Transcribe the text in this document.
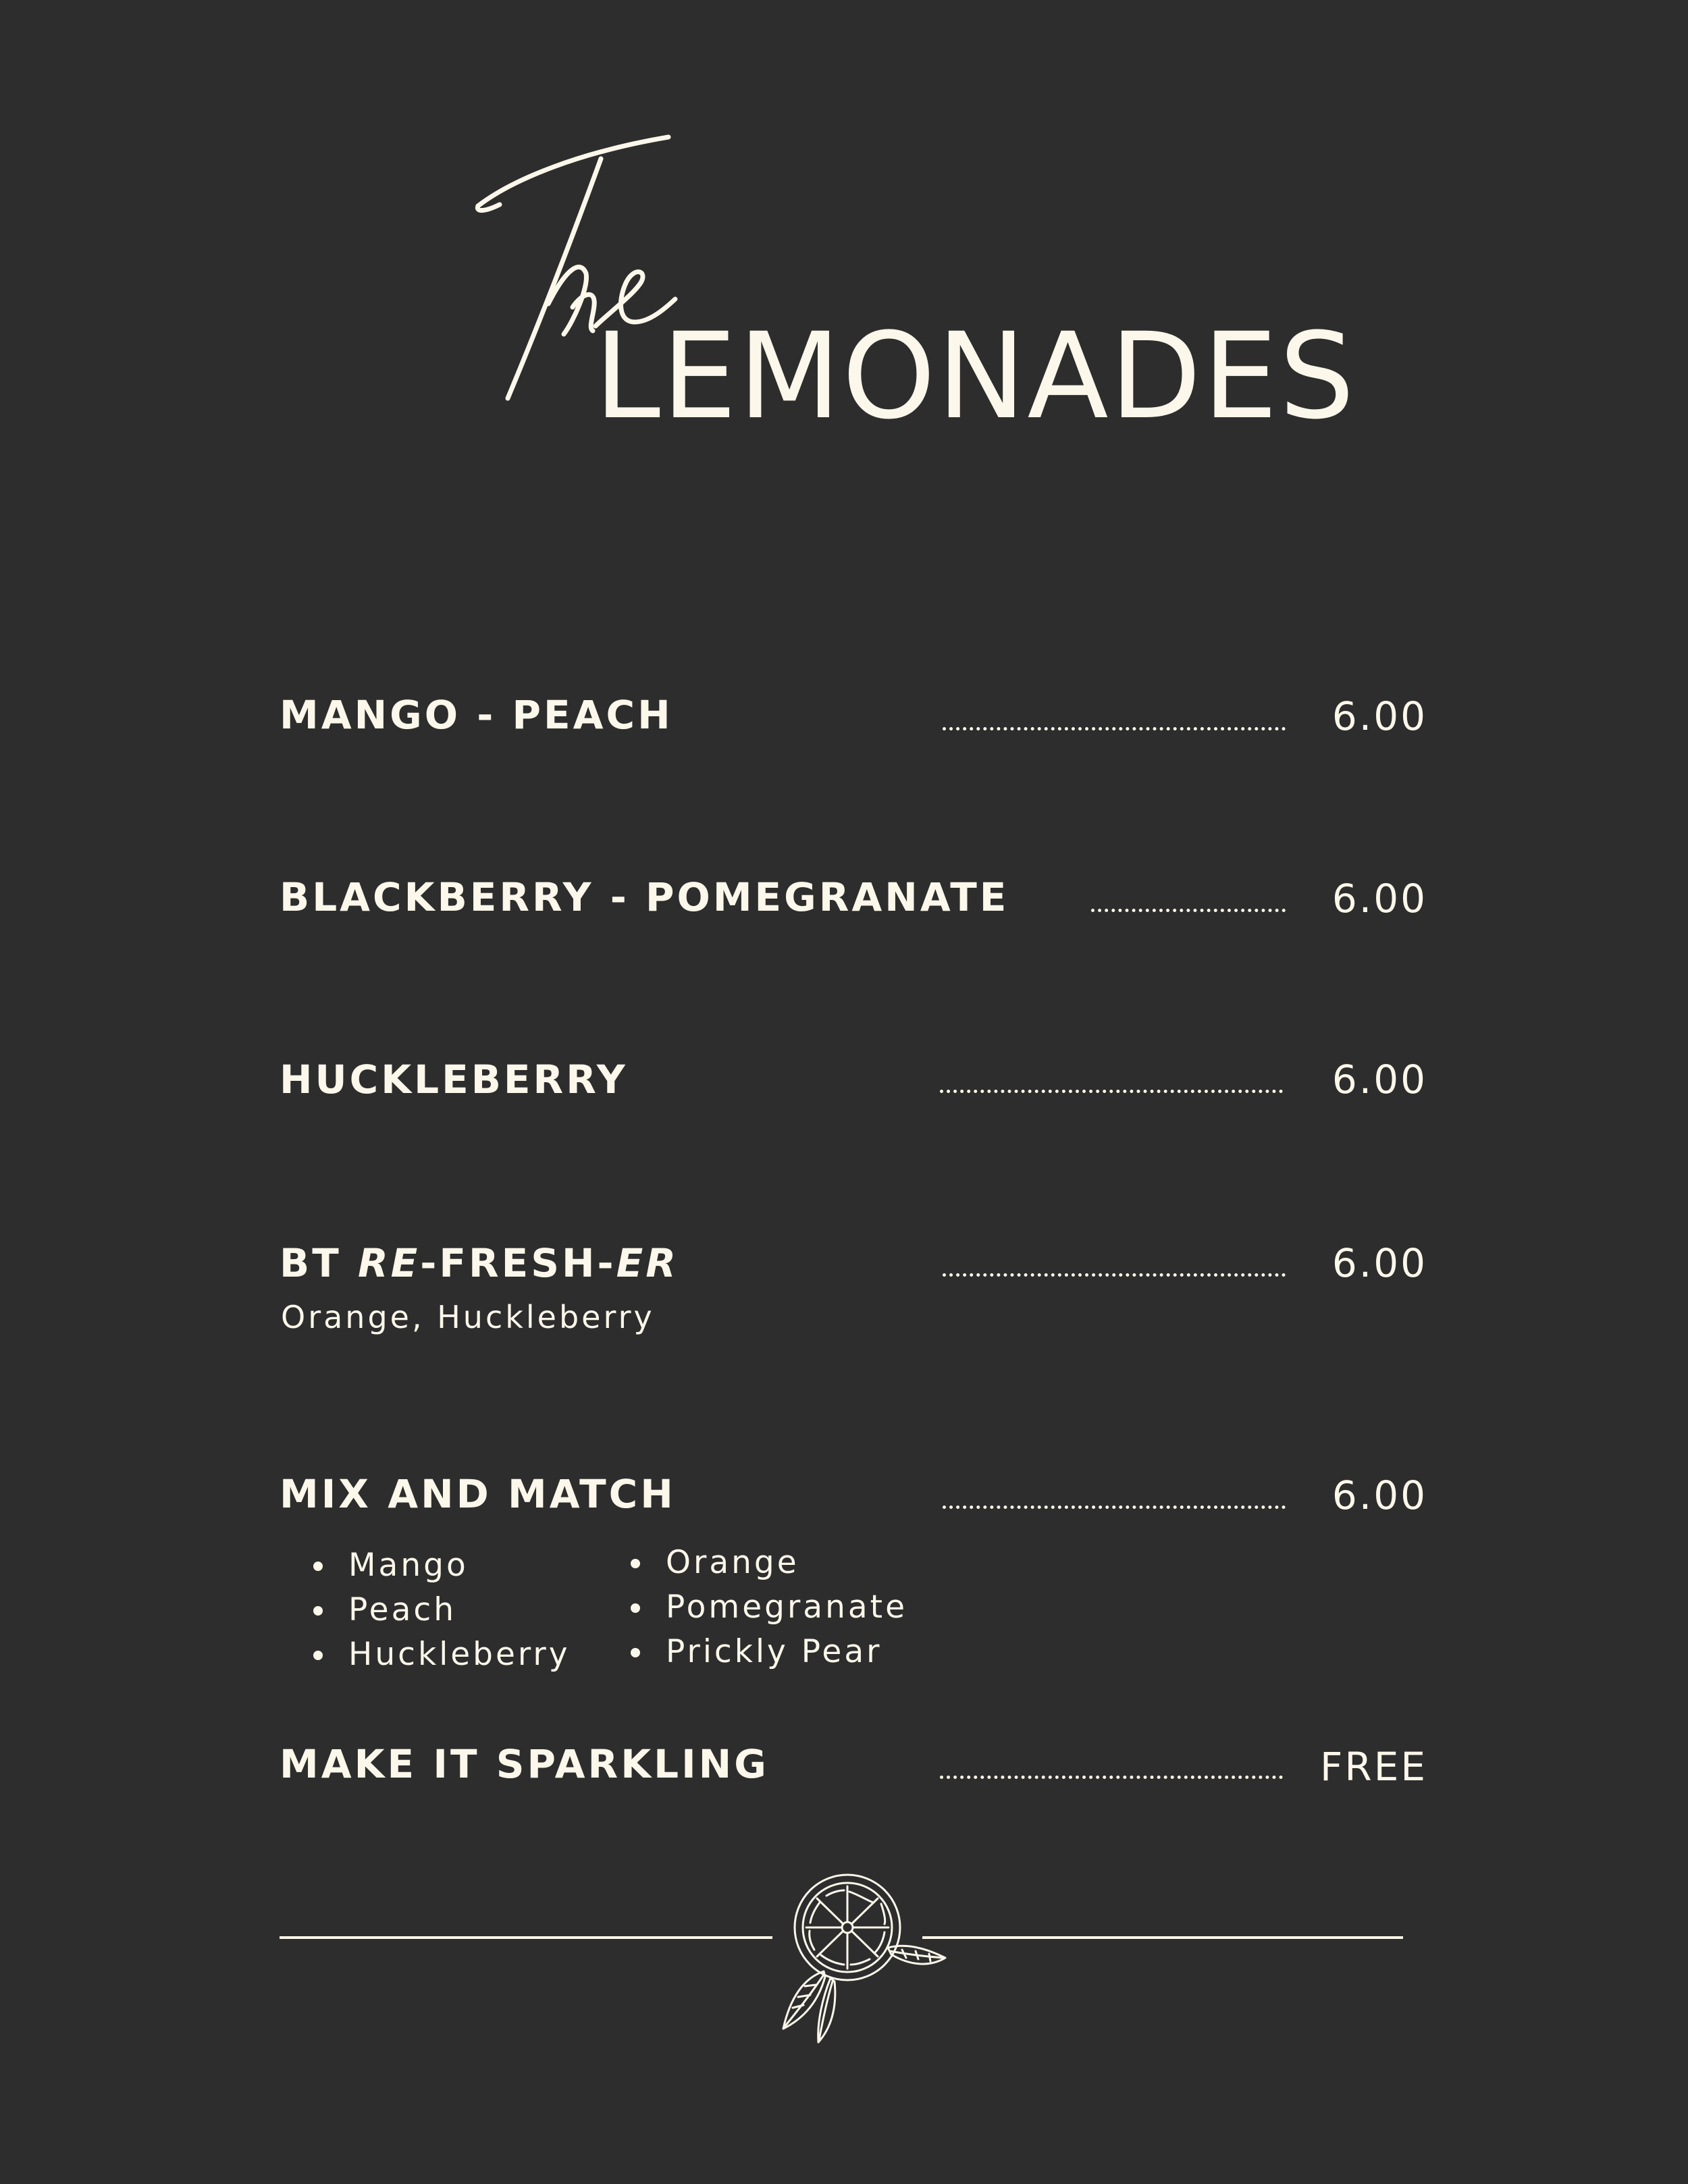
LEMONADES
MANGO - PEACH	6.00
BLACKBERRY - POMEGRANATE	6.00
HUCKLEBERRY	6.00
BT RE-FRESH-ER	6.00
Orange, Huckleberry
MIX AND MATCH	6.00
Mango
Peach
Huckleberry
Orange
Pomegranate
Prickly Pear
MAKE IT SPARKLING	FREE
